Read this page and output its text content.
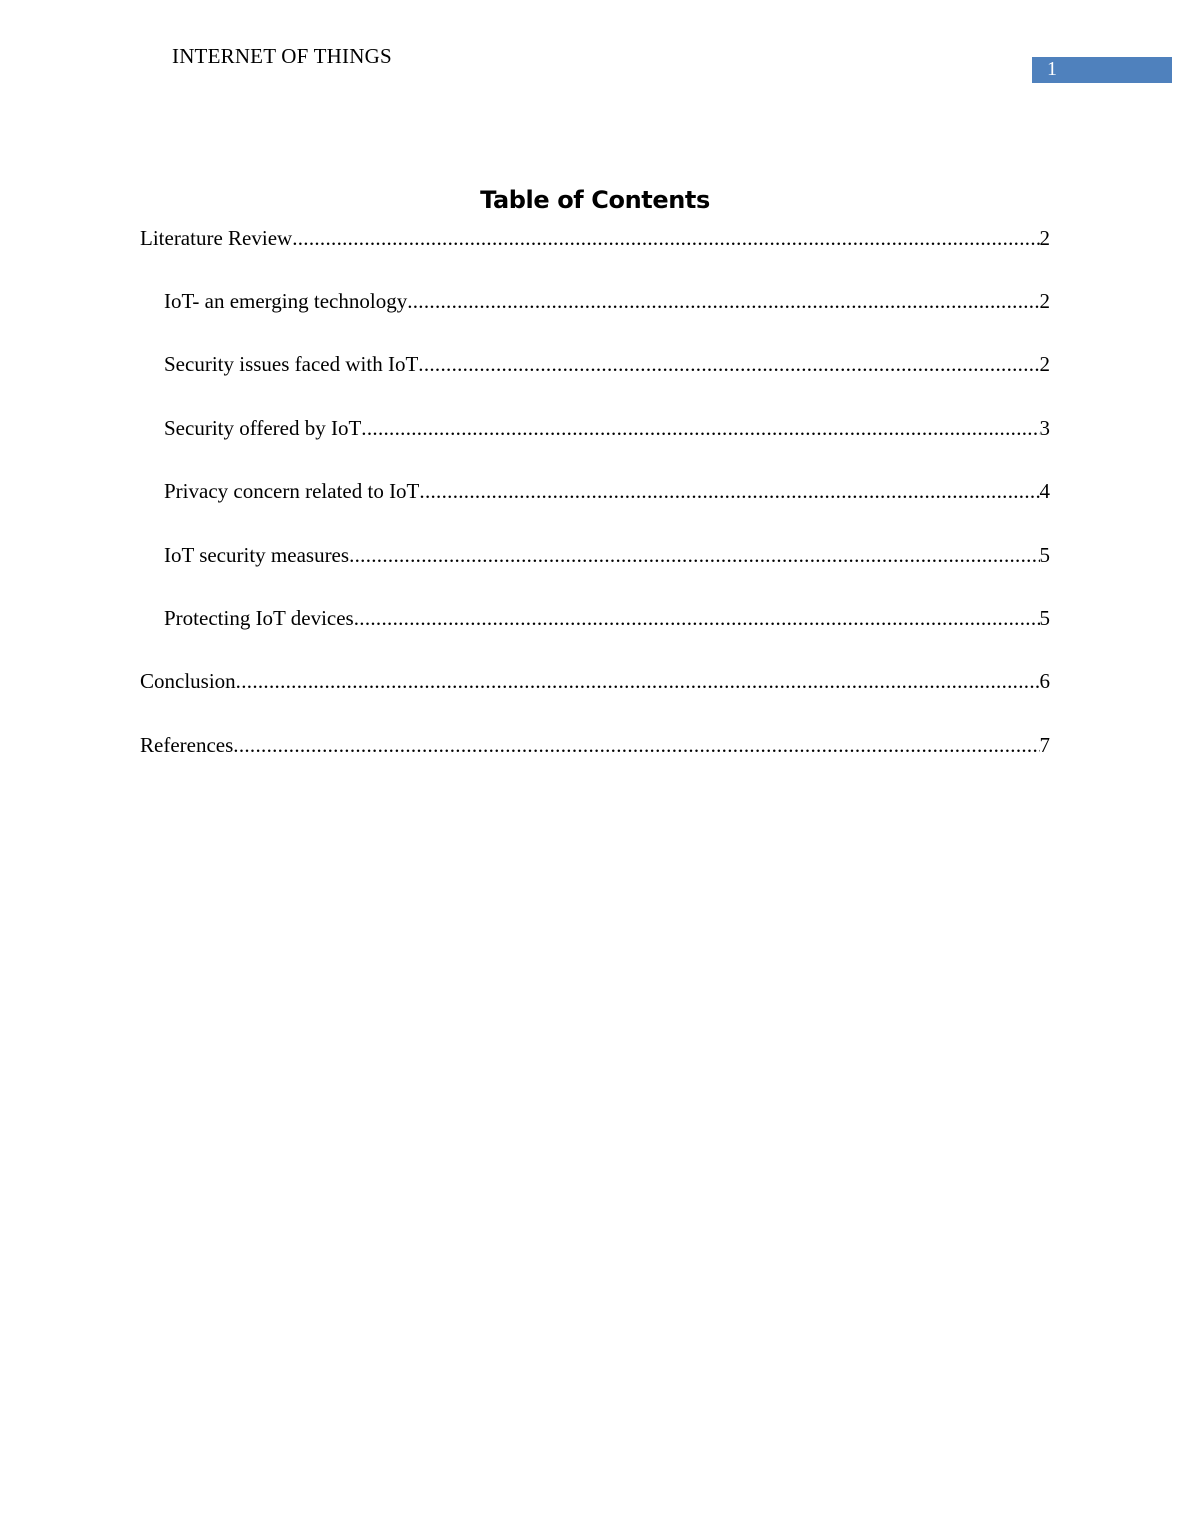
INTERNET OF THINGS
1
Table of Contents
Literature Review .....	2
IoT- an emerging technology .....	2
Security issues faced with IoT .....	2
Security offered by IoT .....	3
Privacy concern related to IoT .....	4
IoT security measures .....	5
Protecting IoT devices .....	5
Conclusion .....	6
References .....	7
